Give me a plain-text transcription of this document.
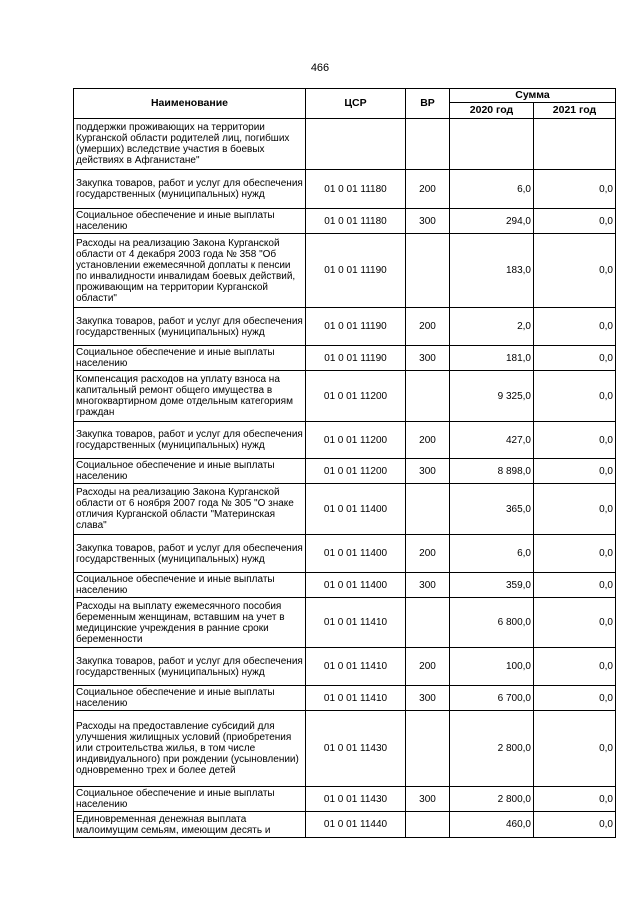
466
Наименование	ЦСР	ВР	Сумма	
			2020 год	2021 год
поддержки проживающих на территории Курганской области родителей лиц, погибших (умерших) вследствие участия в боевых действиях в Афганистане"				
Закупка товаров, работ и услуг для обеспечения государственных (муниципальных) нужд	01 0 01 11180	200	6,0	0,0
Социальное обеспечение и иные выплаты населению	01 0 01 11180	300	294,0	0,0
Расходы на реализацию Закона Курганской области от 4 декабря 2003 года № 358 "Об установлении ежемесячной доплаты к пенсии по инвалидности инвалидам боевых действий, проживающим на территории Курганской области"	01 0 01 11190		183,0	0,0
Закупка товаров, работ и услуг для обеспечения государственных (муниципальных) нужд	01 0 01 11190	200	2,0	0,0
Социальное обеспечение и иные выплаты населению	01 0 01 11190	300	181,0	0,0
Компенсация расходов на уплату взноса на капитальный ремонт общего имущества в многоквартирном доме отдельным категориям граждан	01 0 01 11200		9 325,0	0,0
Закупка товаров, работ и услуг для обеспечения государственных (муниципальных) нужд	01 0 01 11200	200	427,0	0,0
Социальное обеспечение и иные выплаты населению	01 0 01 11200	300	8 898,0	0,0
Расходы на реализацию Закона Курганской области от 6 ноября 2007 года № 305 "О знаке отличия Курганской области "Материнская слава"	01 0 01 11400		365,0	0,0
Закупка товаров, работ и услуг для обеспечения государственных (муниципальных) нужд	01 0 01 11400	200	6,0	0,0
Социальное обеспечение и иные выплаты населению	01 0 01 11400	300	359,0	0,0
Расходы на выплату ежемесячного пособия беременным женщинам, вставшим на учет в медицинские учреждения в ранние сроки беременности	01 0 01 11410		6 800,0	0,0
Закупка товаров, работ и услуг для обеспечения государственных (муниципальных) нужд	01 0 01 11410	200	100,0	0,0
Социальное обеспечение и иные выплаты населению	01 0 01 11410	300	6 700,0	0,0
Расходы на предоставление субсидий для улучшения жилищных условий (приобретения или строительства жилья, в том числе индивидуального) при рождении (усыновлении) одновременно трех и более детей	01 0 01 11430		2 800,0	0,0
Социальное обеспечение и иные выплаты населению	01 0 01 11430	300	2 800,0	0,0
Единовременная денежная выплата малоимущим семьям, имеющим десять и	01 0 01 11440		460,0	0,0
